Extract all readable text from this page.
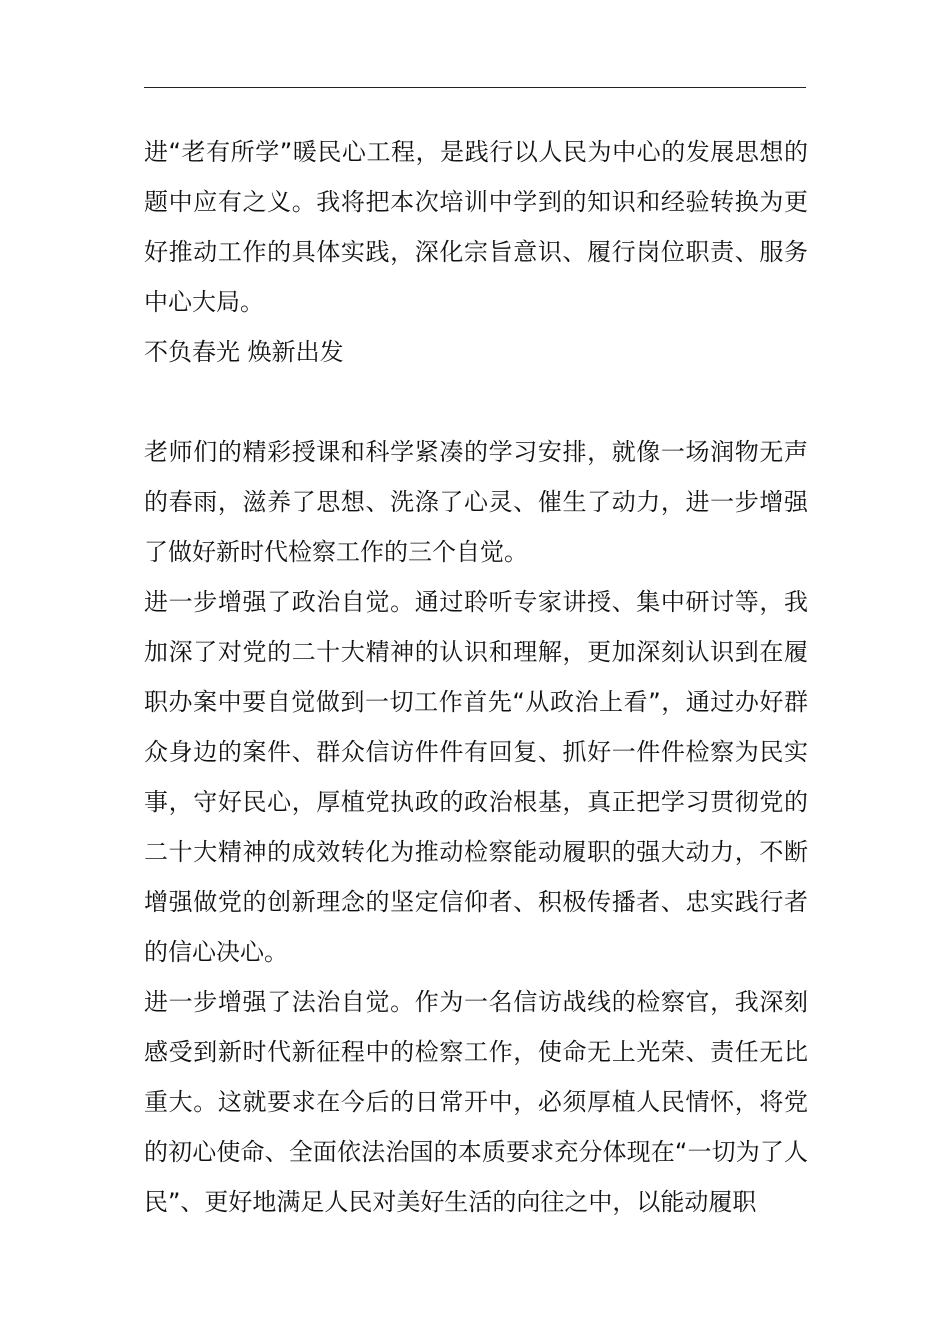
进“老有所学”暖民心工程，是践行以人民为中心的发展思想的题中应有之义。我将把本次培训中学到的知识和经验转换为更好推动工作的具体实践，深化宗旨意识、履行岗位职责、服务中心大局。

不负春光 焕新出发

老师们的精彩授课和科学紧凑的学习安排，就像一场润物无声的春雨，滋养了思想、洗涤了心灵、催生了动力，进一步增强了做好新时代检察工作的三个自觉。

进一步增强了政治自觉。通过聆听专家讲授、集中研讨等，我加深了对党的二十大精神的认识和理解，更加深刻认识到在履职办案中要自觉做到一切工作首先“从政治上看”，通过办好群众身边的案件、群众信访件件有回复、抓好一件件检察为民实事，守好民心，厚植党执政的政治根基，真正把学习贯彻党的二十大精神的成效转化为推动检察能动履职的强大动力，不断增强做党的创新理念的坚定信仰者、积极传播者、忠实践行者的信心决心。

进一步增强了法治自觉。作为一名信访战线的检察官，我深刻感受到新时代新征程中的检察工作，使命无上光荣、责任无比重大。这就要求在今后的日常开中，必须厚植人民情怀，将党的初心使命、全面依法治国的本质要求充分体现在“一切为了人民”、更好地满足人民对美好生活的向往之中，以能动履职
